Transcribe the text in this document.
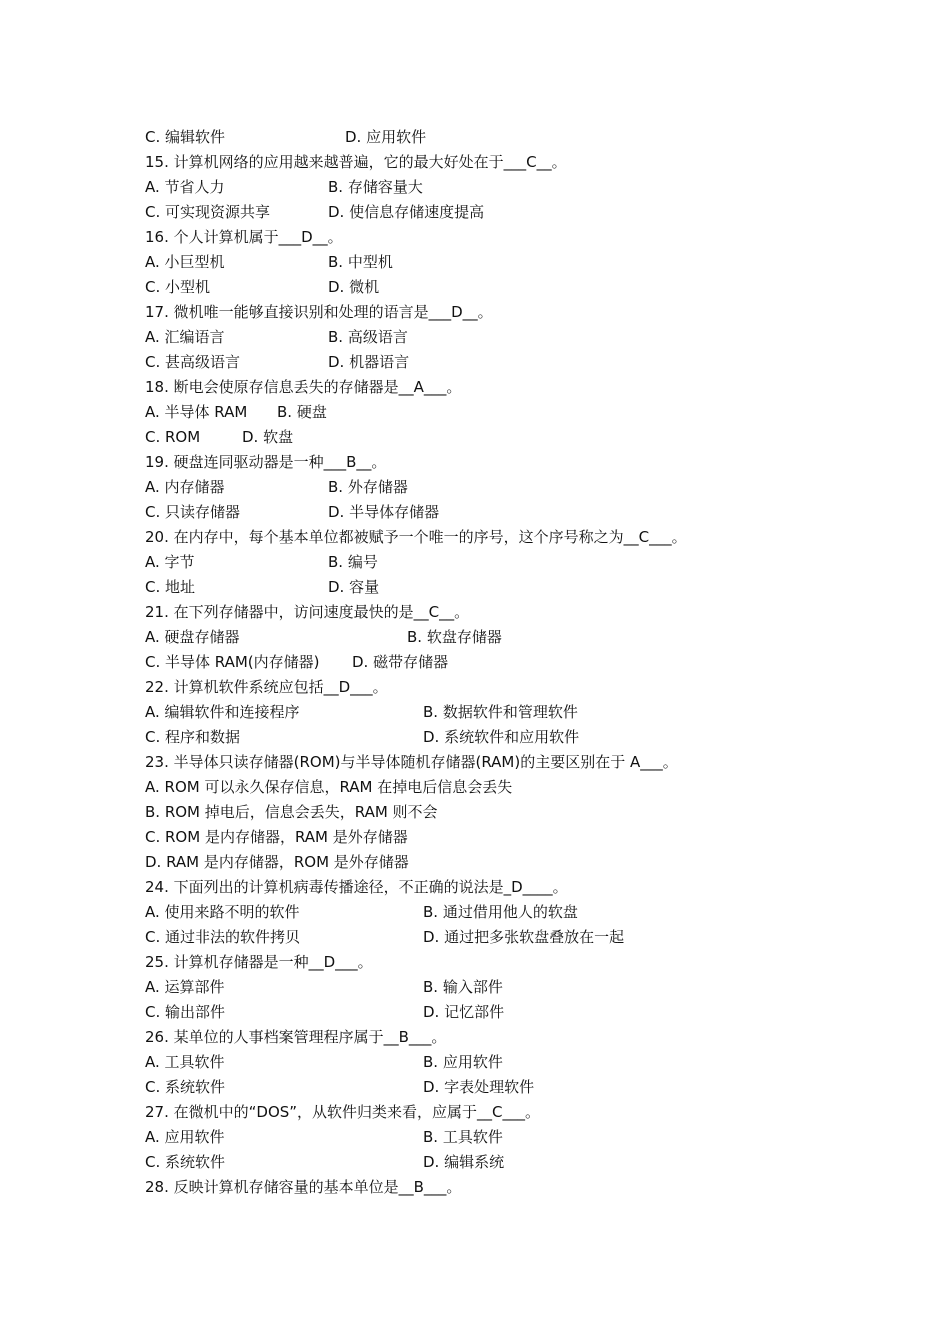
C. 编辑软件	D. 应用软件
15. 计算机网络的应用越来越普遍，它的最大好处在于___C__。
A. 节省人力	B. 存储容量大
C. 可实现资源共享	D. 使信息存储速度提高
16. 个人计算机属于___D__。
A. 小巨型机	B. 中型机
C. 小型机	D. 微机
17. 微机唯一能够直接识别和处理的语言是___D__。
A. 汇编语言	B. 高级语言
C. 甚高级语言	D. 机器语言
18. 断电会使原存信息丢失的存储器是__A___。
A. 半导体 RAM B. 硬盘
C. ROM	D. 软盘
19. 硬盘连同驱动器是一种___B__。
A. 内存储器	B. 外存储器
C. 只读存储器	D. 半导体存储器
20. 在内存中，每个基本单位都被赋予一个唯一的序号，这个序号称之为__C___。
A. 字节	B. 编号
C. 地址	D. 容量
21. 在下列存储器中，访问速度最快的是__C__。
A. 硬盘存储器	B. 软盘存储器
C. 半导体 RAM(内存储器) D. 磁带存储器
22. 计算机软件系统应包括__D___。
A. 编辑软件和连接程序	B. 数据软件和管理软件
C. 程序和数据	D. 系统软件和应用软件
23. 半导体只读存储器(ROM)与半导体随机存储器(RAM)的主要区别在于 A___。
A. ROM 可以永久保存信息，RAM 在掉电后信息会丢失
B. ROM 掉电后，信息会丢失，RAM 则不会
C. ROM 是内存储器，RAM 是外存储器
D. RAM 是内存储器，ROM 是外存储器
24. 下面列出的计算机病毒传播途径，不正确的说法是_D____。
A. 使用来路不明的软件	B. 通过借用他人的软盘
C. 通过非法的软件拷贝	D. 通过把多张软盘叠放在一起
25. 计算机存储器是一种__D___。
A. 运算部件	B. 输入部件
C. 输出部件	D. 记忆部件
26. 某单位的人事档案管理程序属于__B___。
A. 工具软件	B. 应用软件
C. 系统软件	D. 字表处理软件
27. 在微机中的“DOS”，从软件归类来看，应属于__C___。
A. 应用软件	B. 工具软件
C. 系统软件	D. 编辑系统
28. 反映计算机存储容量的基本单位是__B___。
